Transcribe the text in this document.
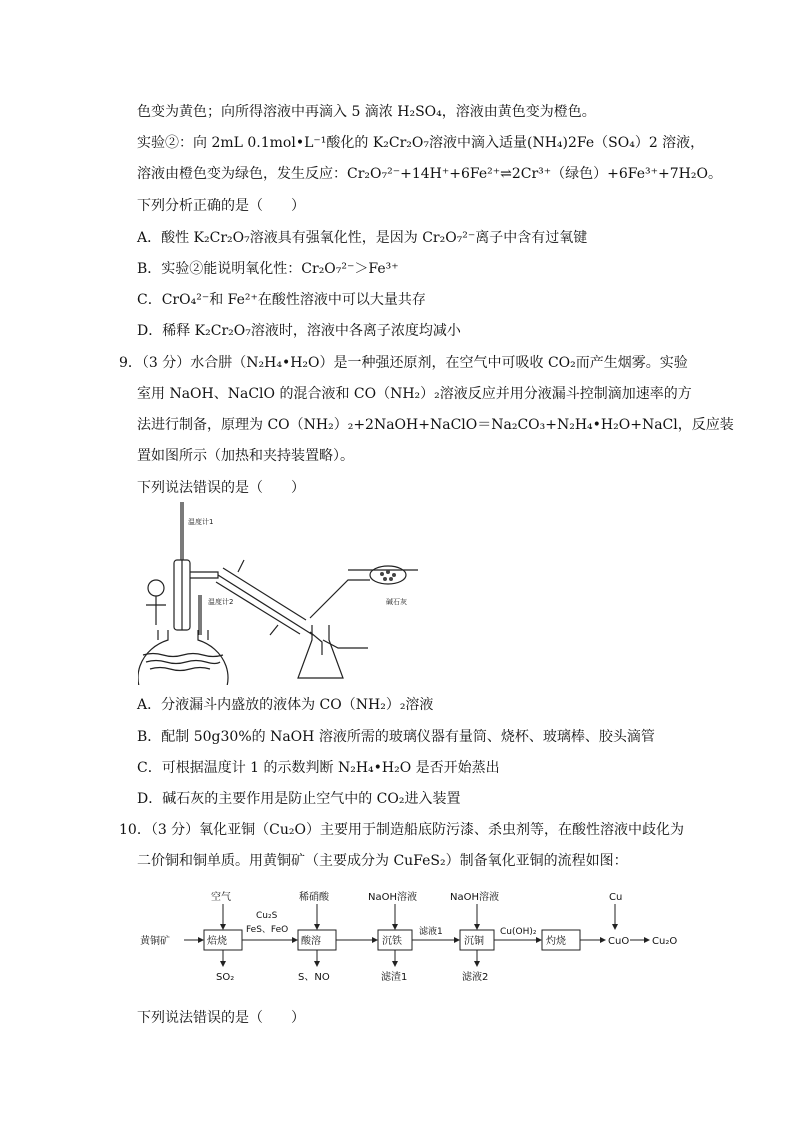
色变为黄色；向所得溶液中再滴入 5 滴浓 H₂SO₄，溶液由黄色变为橙色。
实验②：向 2mL 0.1mol•L⁻¹酸化的 K₂Cr₂O₇溶液中滴入适量(NH₄)2Fe（SO₄）2 溶液，
溶液由橙色变为绿色，发生反应：Cr₂O₇²⁻+14H⁺+6Fe²⁺⇌2Cr³⁺（绿色）+6Fe³⁺+7H₂O。
下列分析正确的是（　　）
A．酸性 K₂Cr₂O₇溶液具有强氧化性，是因为 Cr₂O₇²⁻离子中含有过氧键
B．实验②能说明氧化性：Cr₂O₇²⁻＞Fe³⁺
C．CrO₄²⁻和 Fe²⁺在酸性溶液中可以大量共存
D．稀释 K₂Cr₂O₇溶液时，溶液中各离子浓度均减小
9．（3 分）水合肼（N₂H₄•H₂O）是一种强还原剂，在空气中可吸收 CO₂而产生烟雾。实验
室用 NaOH、NaClO 的混合液和 CO（NH₂）₂溶液反应并用分液漏斗控制滴加速率的方
法进行制备，原理为 CO（NH₂）₂+2NaOH+NaClO＝Na₂CO₃+N₂H₄•H₂O+NaCl，反应装
置如图所示（加热和夹持装置略）。
下列说法错误的是（　　）
温度计1
温度计2	碱石灰
A．分液漏斗内盛放的液体为 CO（NH₂）₂溶液
B．配制 50g30%的 NaOH 溶液所需的玻璃仪器有量筒、烧杯、玻璃棒、胶头滴管
C．可根据温度计 1 的示数判断 N₂H₄•H₂O 是否开始蒸出
D．碱石灰的主要作用是防止空气中的 CO₂进入装置
10．（3 分）氧化亚铜（Cu₂O）主要用于制造船底防污漆、杀虫剂等，在酸性溶液中歧化为
二价铜和铜单质。用黄铜矿（主要成分为 CuFeS₂）制备氧化亚铜的流程如图：
黄铜矿	焙烧	酸溶	沉铁	沉铜	灼烧
空气	稀硝酸	NaOH溶液	NaOH溶液	Cu
Cu₂S
FeS、FeO	滤液1	Cu(OH)₂
SO₂	S、NO	滤渣1	滤液2
CuO Cu₂O
下列说法错误的是（　　）
